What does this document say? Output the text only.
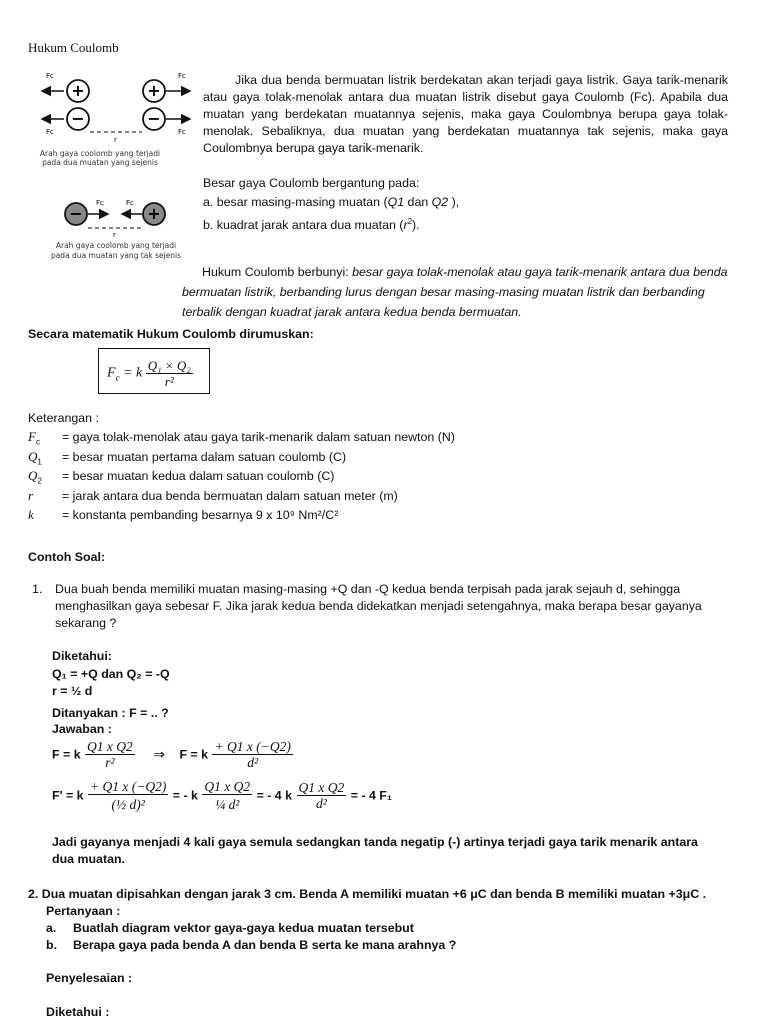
Hukum Coulomb
+	+
Fc	Fc
−	−
r
Fc	Fc
Arah gaya coolomb yang terjadi
pada dua muatan yang sejenis
−	+
Fc	Fc
r
Arah gaya coolomb yang terjadi
pada dua muatan yang tak sejenis
Jika dua benda bermuatan listrik berdekatan akan terjadi gaya listrik. Gaya tarik-menarik atau gaya tolak-menolak antara dua muatan listrik disebut gaya Coulomb (Fc). Apabila dua muatan yang berdekatan muatannya sejenis, maka gaya Coulombnya berupa gaya tolak-menolak. Sebaliknya, dua muatan yang berdekatan muatannya tak sejenis, maka gaya Coulombnya berupa gaya tarik-menarik.
Besar gaya Coulomb bergantung pada:
a. besar masing-masing muatan (Q1 dan Q2 ),
b. kuadrat jarak antara dua muatan $(r^2)$.
Hukum Coulomb berbunyi: besar gaya tolak-menolak atau gaya tarik-menarik antara dua benda bermuatan listrik, berbanding lurus dengan besar masing-masing muatan listrik dan berbanding terbalik dengan kuadrat jarak antara kedua benda bermuatan.
Secara matematik Hukum Coulomb dirumuskan:
$F_c = k \frac{\text{Q₁ × Q₂}}{\text{r²}}$
Keterangan :
$F_c$ = gaya tolak-menolak atau gaya tarik-menarik dalam satuan newton (N)
$Q_1$ = besar muatan pertama dalam satuan coulomb (C)
$Q_2$ = besar muatan kedua dalam satuan coulomb (C)
r = jarak antara dua benda bermuatan dalam satuan meter (m)
k = konstanta pembanding besarnya 9 x 10⁹ Nm²/C²
Contoh Soal:
1.	Dua buah benda memiliki muatan masing-masing +Q dan -Q kedua benda terpisah pada jarak sejauh d, sehingga menghasilkan gaya sebesar F. Jika jarak kedua benda didekatkan menjadi setengahnya, maka berapa besar gayanya sekarang ?
Diketahui:
Q₁ = +Q dan Q₂ = -Q
r = ½ d
Ditanyakan : F = .. ?
Jawaban :
F = k $\frac{\text{Q1 x Q2}}{\text{r²}}$ ⇒ F = k $\frac{+ Q1 x (-Q2)}{\text{d²}}$
F' = k $\frac{+ Q1 x (-Q2)}{\text{(½ d)²}}$ = - k $\frac{\text{Q1 x Q2}}{\text{¼ d²}}$ = - 4 k $\frac{\text{Q1 x Q2}}{\text{d²}}$ = - 4 F₁
Jadi gayanya menjadi 4 kali gaya semula sedangkan tanda negatip (-) artinya terjadi gaya tarik menarik antara dua muatan.
2. Dua muatan dipisahkan dengan jarak 3 cm. Benda A memiliki muatan +6 μC dan benda B memiliki muatan +3μC .
Pertanyaan :
a. Buatlah diagram vektor gaya-gaya kedua muatan tersebut
b. Berapa gaya pada benda A dan benda B serta ke mana arahnya ?
Penyelesaian :
Diketahui :
